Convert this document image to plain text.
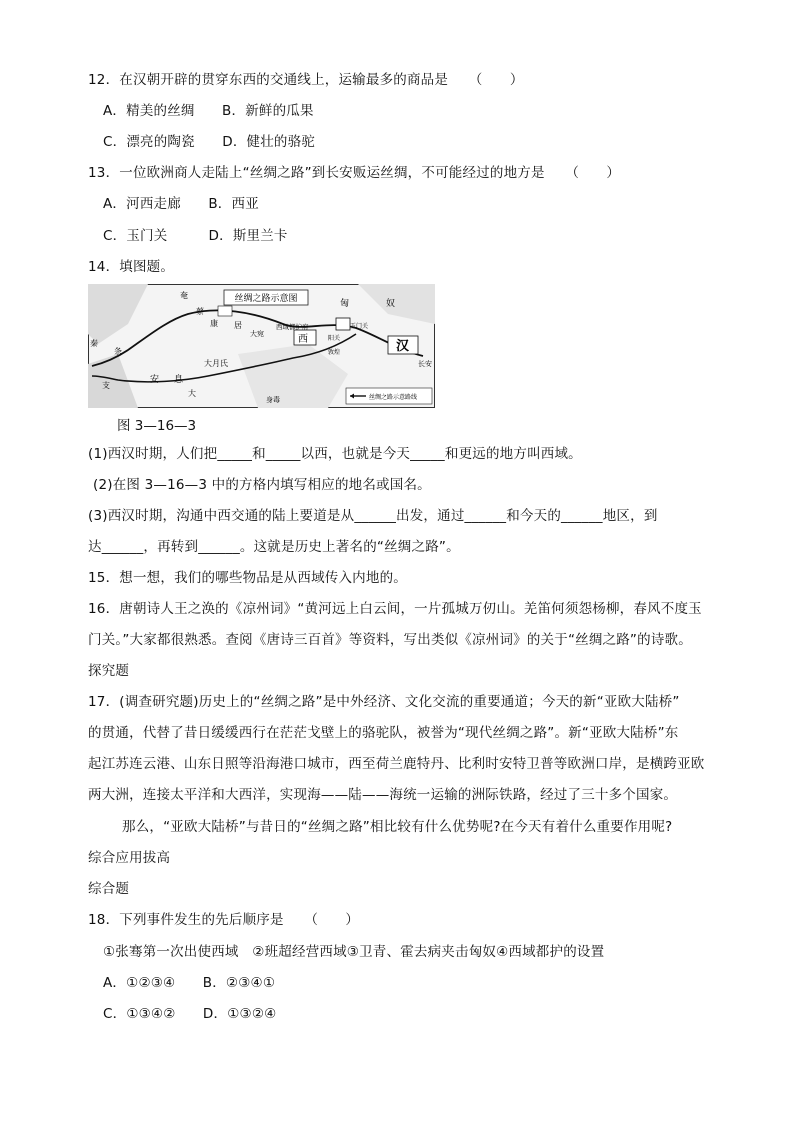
12．在汉朝开辟的贯穿东西的交通线上，运输最多的商品是　　（　　）
A．精美的丝绸　　B．新鲜的瓜果
C．漂亮的陶瓷　　D．健壮的骆驼
13．一位欧洲商人走陆上“丝绸之路”到长安贩运丝绸，不可能经过的地方是　　（　　）
A．河西走廊　　B．西亚
C．玉门关　　　D．斯里兰卡
14．填图题。
丝绸之路示意图
奄
蔡
康 居
大宛
西域都护府	玉门关
阳关
敦煌
匈	奴
西	汉
长安
大月氏
安 息
大
条
支
秦
身毒	丝绸之路示意路线
图 3—16—3
(1)西汉时期，人们把_____和_____以西，也就是今天_____和更远的地方叫西域。
(2)在图 3—16—3 中的方格内填写相应的地名或国名。
(3)西汉时期，沟通中西交通的陆上要道是从______出发，通过______和今天的______地区，到
达______，再转到______。这就是历史上著名的“丝绸之路”。
15．想一想，我们的哪些物品是从西域传入内地的。
16．唐朝诗人王之涣的《凉州词》“黄河远上白云间，一片孤城万仞山。羌笛何须怨杨柳，春风不度玉
门关。”大家都很熟悉。查阅《唐诗三百首》等资料，写出类似《凉州词》的关于“丝绸之路”的诗歌。
探究题
17．(调查研究题)历史上的“丝绸之路”是中外经济、文化交流的重要通道；今天的新“亚欧大陆桥”
的贯通，代替了昔日缓缓西行在茫茫戈壁上的骆驼队，被誉为“现代丝绸之路”。新“亚欧大陆桥”东
起江苏连云港、山东日照等沿海港口城市，西至荷兰鹿特丹、比利时安特卫普等欧洲口岸，是横跨亚欧
两大洲，连接太平洋和大西洋，实现海——陆——海统一运输的洲际铁路，经过了三十多个国家。
那么，“亚欧大陆桥”与昔日的“丝绸之路”相比较有什么优势呢?在今天有着什么重要作用呢?
综合应用拔高
综合题
18．下列事件发生的先后顺序是　　（　　）
①张骞第一次出使西域　②班超经营西域③卫青、霍去病夹击匈奴④西域都护的设置
A．①②③④　　B．②③④①
C．①③④②　　D．①③②④
